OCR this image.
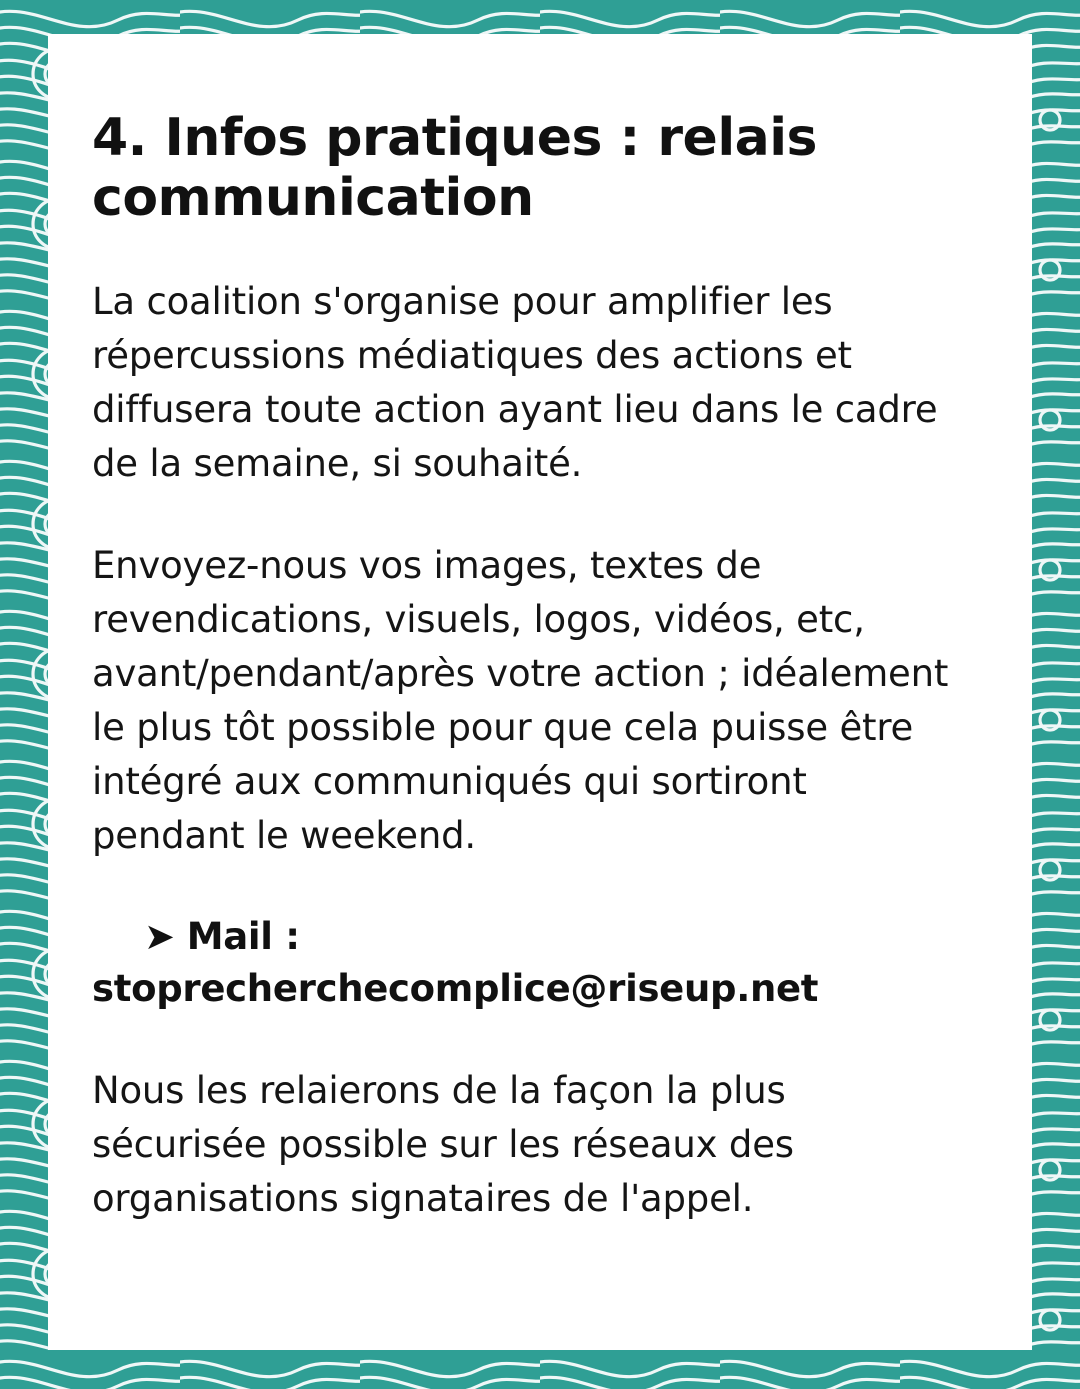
4. Infos pratiques : relais communication

La coalition s'organise pour amplifier les répercussions médiatiques des actions et diffusera toute action ayant lieu dans le cadre de la semaine, si souhaité.

Envoyez-nous vos images, textes de revendications, visuels, logos, vidéos, etc, avant/pendant/après votre action ; idéalement le plus tôt possible pour que cela puisse être intégré aux communiqués qui sortiront pendant le weekend.

➤ Mail :
stoprecherchecomplice@riseup.net

Nous les relaierons de la façon la plus sécurisée possible sur les réseaux des organisations signataires de l'appel.
